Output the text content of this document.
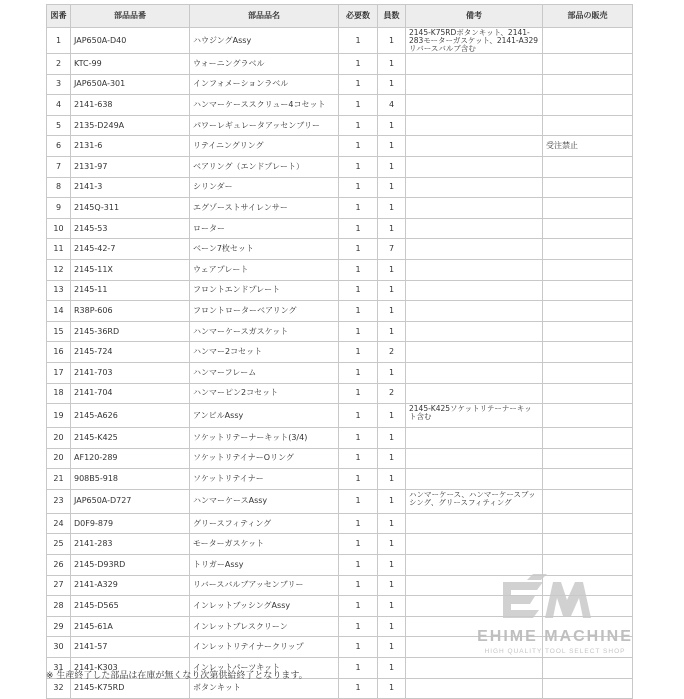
図番	部品品番	部品品名	必要数	員数	備考	部品の販売
1	JAP650A-D40	ハウジングAssy	1	1	2145-K75RDボタンキット、2141-283モーターガスケット、2141-A329リバースバルブ含む	
2	KTC-99	ウォーニングラベル	1	1		
3	JAP650A-301	インフォメーションラベル	1	1		
4	2141-638	ハンマーケーススクリュー4コセット	1	4		
5	2135-D249A	パワーレギュレータアッセンブリー	1	1		
6	2131-6	リテイニングリング	1	1		受注禁止
7	2131-97	ベアリング（エンドプレート）	1	1		
8	2141-3	シリンダー	1	1		
9	2145Q-311	エグゾーストサイレンサー	1	1		
10	2145-53	ローター	1	1		
11	2145-42-7	ベーン7枚セット	1	7		
12	2145-11X	ウェアプレート	1	1		
13	2145-11	フロントエンドプレート	1	1		
14	R38P-606	フロントローターベアリング	1	1		
15	2145-36RD	ハンマーケースガスケット	1	1		
16	2145-724	ハンマー2コセット	1	2		
17	2141-703	ハンマーフレーム	1	1		
18	2141-704	ハンマーピン2コセット	1	2		
19	2145-A626	アンビルAssy	1	1	2145-K425ソケットリテーナーキット含む	
20	2145-K425	ソケットリテーナーキット(3/4)	1	1		
20	AF120-289	ソケットリテイナーOリング	1	1		
21	908B5-918	ソケットリテイナー	1	1		
23	JAP650A-D727	ハンマーケースAssy	1	1	ハンマーケース、ハンマーケースブッシング、グリースフィティング	
24	D0F9-879	グリースフィティング	1	1		
25	2141-283	モーターガスケット	1	1		
26	2145-D93RD	トリガーAssy	1	1		
27	2141-A329	リバースバルブアッセンブリー	1	1		
28	2145-D565	インレットブッシングAssy	1	1		
29	2145-61A	インレットブレスクリーン	1	1		
30	2141-57	インレットリテイナークリップ	1	1		
31	2141-K303	インレットパーツキット	1	1		
32	2145-K75RD	ボタンキット	1	1		
※ 生産終了した部品は在庫が無くなり次第供給終了となります。
EHIME MACHINE
HIGH QUALITY TOOL SELECT SHOP
